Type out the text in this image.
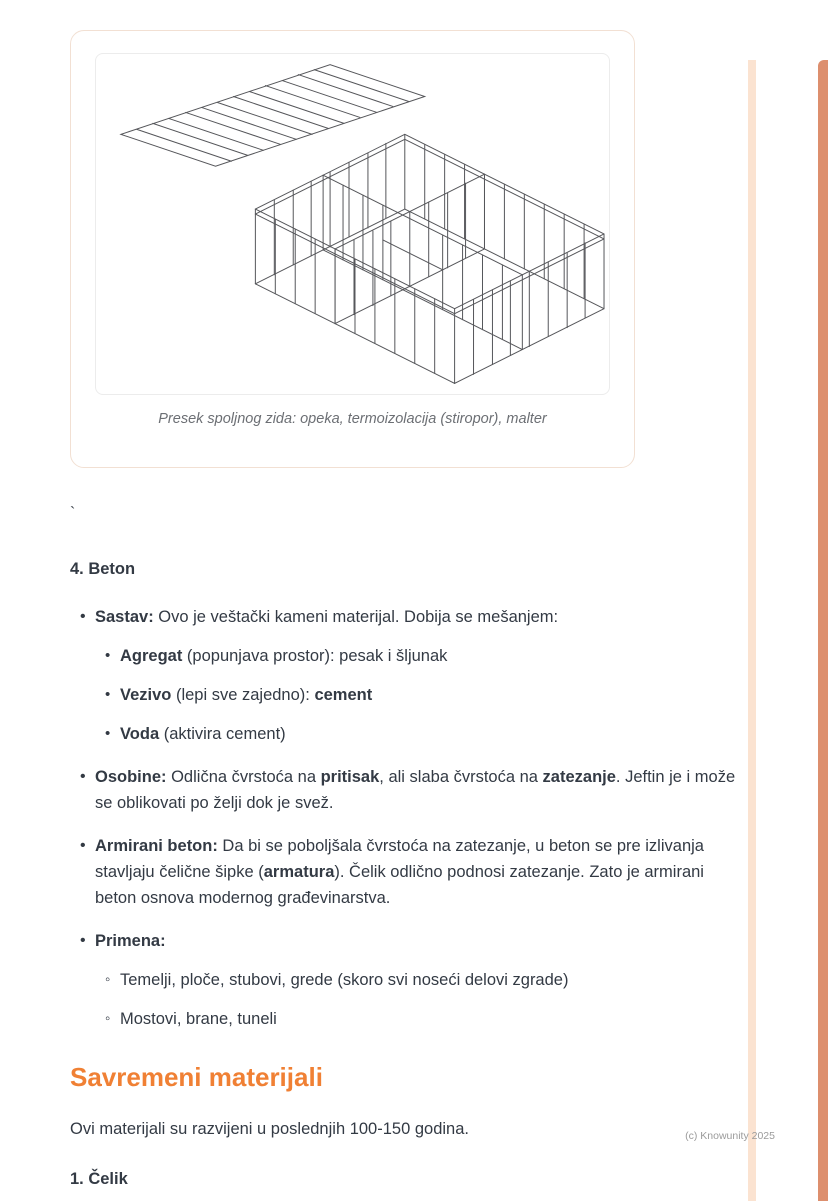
Presek spoljnog zida: opeka, termoizolacija (stiropor), malter
`
4. Beton
• Sastav: Ovo je veštački kameni materijal. Dobija se mešanjem:
• Agregat (popunjava prostor): pesak i šljunak
• Vezivo (lepi sve zajedno): cement
• Voda (aktivira cement)
• Osobine: Odlična čvrstoća na pritisak, ali slaba čvrstoća na zatezanje. Jeftin je i može se oblikovati po želji dok je svež.
• Armirani beton: Da bi se poboljšala čvrstoća na zatezanje, u beton se pre izlivanja stavljaju čelične šipke (armatura). Čelik odlično podnosi zatezanje. Zato je armirani beton osnova modernog građevinarstva.
• Primena:
◦ Temelji, ploče, stubovi, grede (skoro svi noseći delovi zgrade)
◦ Mostovi, brane, tuneli
Savremeni materijali

Ovi materijali su razvijeni u poslednjih 100-150 godina.

1. Čelik

(c) Knowunity 2025
